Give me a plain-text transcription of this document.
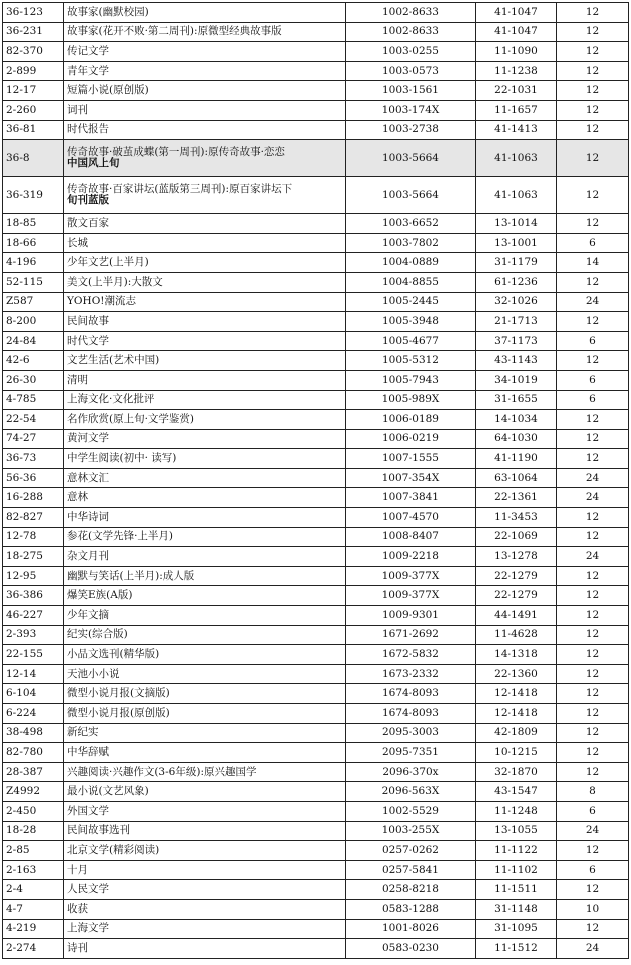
36-123	故事家(幽默校园)	1002-8633	41-1047	12
36-231	故事家(花开不败·第二周刊):原微型经典故事版	1002-8633	41-1047	12
82-370	传记文学	1003-0255	11-1090	12
2-899	青年文学	1003-0573	11-1238	12
12-17	短篇小说(原创版)	1003-1561	22-1031	12
2-260	词刊	1003-174X	11-1657	12
36-81	时代报告	1003-2738	41-1413	12
36-8	传奇故事·破茧成蝶(第一周刊):原传奇故事·恋恋
中国风上旬	1003-5664	41-1063	12
36-319	传奇故事·百家讲坛(蓝版第三周刊):原百家讲坛下
旬刊蓝版	1003-5664	41-1063	12
18-85	散文百家	1003-6652	13-1014	12
18-66	长城	1003-7802	13-1001	6
4-196	少年文艺(上半月)	1004-0889	31-1179	14
52-115	美文(上半月):大散文	1004-8855	61-1236	12
Z587	YOHO!潮流志	1005-2445	32-1026	24
8-200	民间故事	1005-3948	21-1713	12
24-84	时代文学	1005-4677	37-1173	6
42-6	文艺生活(艺术中国)	1005-5312	43-1143	12
26-30	清明	1005-7943	34-1019	6
4-785	上海文化·文化批评	1005-989X	31-1655	6
22-54	名作欣赏(原上旬·文学鉴赏)	1006-0189	14-1034	12
74-27	黄河文学	1006-0219	64-1030	12
36-73	中学生阅读(初中· 读写)	1007-1555	41-1190	12
56-36	意林文汇	1007-354X	63-1064	24
16-288	意林	1007-3841	22-1361	24
82-827	中华诗词	1007-4570	11-3453	12
12-78	参花(文学先锋·上半月)	1008-8407	22-1069	12
18-275	杂文月刊	1009-2218	13-1278	24
12-95	幽默与笑话(上半月):成人版	1009-377X	22-1279	12
36-386	爆笑E族(A版)	1009-377X	22-1279	12
46-227	少年文摘	1009-9301	44-1491	12
2-393	纪实(综合版)	1671-2692	11-4628	12
22-155	小品文选刊(精华版)	1672-5832	14-1318	12
12-14	天池小小说	1673-2332	22-1360	12
6-104	微型小说月报(文摘版)	1674-8093	12-1418	12
6-224	微型小说月报(原创版)	1674-8093	12-1418	12
38-498	新纪实	2095-3003	42-1809	12
82-780	中华辞赋	2095-7351	10-1215	12
28-387	兴趣阅读·兴趣作文(3-6年级):原兴趣国学	2096-370x	32-1870	12
Z4992	最小说(文艺风象)	2096-563X	43-1547	8
2-450	外国文学	1002-5529	11-1248	6
18-28	民间故事选刊	1003-255X	13-1055	24
2-85	北京文学(精彩阅读)	0257-0262	11-1122	12
2-163	十月	0257-5841	11-1102	6
2-4	人民文学	0258-8218	11-1511	12
4-7	收获	0583-1288	31-1148	10
4-219	上海文学	1001-8026	31-1095	12
2-274	诗刊	0583-0230	11-1512	24
